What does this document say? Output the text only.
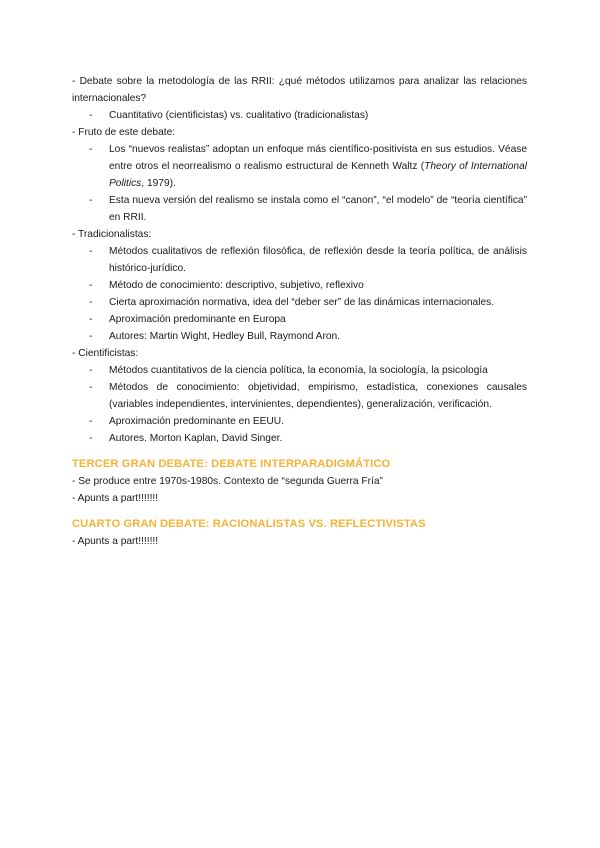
- Debate sobre la metodología de las RRII: ¿qué métodos utilizamos para analizar las relaciones internacionales?

- Cuantitativo (cientificistas) vs. cualitativo (tradicionalistas)

- Fruto de este debate:

- Los “nuevos realistas” adoptan un enfoque más científico-positivista en sus estudios. Véase entre otros el neorrealismo o realismo estructural de Kenneth Waltz (Theory of International Politics, 1979).
- Esta nueva versión del realismo se instala como el “canon”, “el modelo” de “teoría científica” en RRII.

- Tradicionalistas:

- Métodos cualitativos de reflexión filosófica, de reflexión desde la teoría política, de análisis histórico-jurídico.
- Método de conocimiento: descriptivo, subjetivo, reflexivo
- Cierta aproximación normativa, idea del “deber ser” de las dinámicas internacionales.
- Aproximación predominante en Europa
- Autores: Martin Wight, Hedley Bull, Raymond Aron.

- Cientificistas:

- Métodos cuantitativos de la ciencia política, la economía, la sociología, la psicología
- Métodos de conocimiento: objetividad, empirismo, estadística, conexiones causales (variables independientes, intervinientes, dependientes), generalización, verificación.
- Aproximación predominante en EEUU.
- Autores. Morton Kaplan, David Singer.

TERCER GRAN DEBATE: DEBATE INTERPARADIGMÁTICO

- Se produce entre 1970s-1980s. Contexto de “segunda Guerra Fría”

- Apunts a part!!!!!!!

CUARTO GRAN DEBATE: RACIONALISTAS VS. REFLECTIVISTAS

- Apunts a part!!!!!!!
